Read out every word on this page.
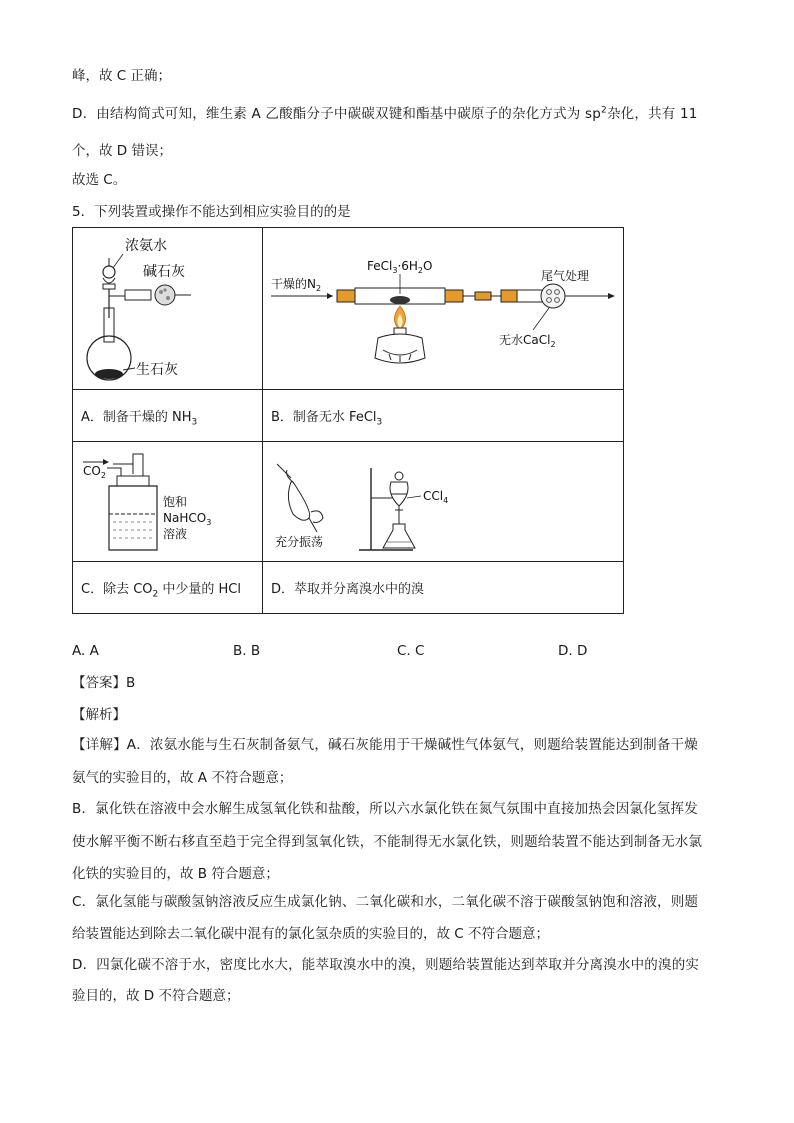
峰，故 C 正确；
D．由结构简式可知，维生素 A 乙酸酯分子中碳碳双键和酯基中碳原子的杂化方式为 $sp^2$杂化，共有 11
个，故 D 错误；
故选 C。
5．下列装置或操作不能达到相应实验目的的是
浓氨水
碱石灰
生石灰	干燥的$N_2$
尾气处理
无水CaCl$_2$
$FeCl_3\cdot 6H_2O$

A．制备干燥的 $NH_3$	B．制备无水 FeCl$_3$

$CO_2$
饱和
NaHCO$_3$
溶液	充分振荡
CCl$_4$

C．除去 $CO_2$ 中少量的 HCl	D．萃取并分离溴水中的溴
A. A	B. B	C. C	D. D
【答案】B
【解析】
【详解】A．浓氨水能与生石灰制备氨气，碱石灰能用于干燥碱性气体氨气，则题给装置能达到制备干燥
氨气的实验目的，故 A 不符合题意；
B．氯化铁在溶液中会水解生成氢氧化铁和盐酸，所以六水氯化铁在氮气氛围中直接加热会因氯化氢挥发
使水解平衡不断右移直至趋于完全得到氢氧化铁，不能制得无水氯化铁，则题给装置不能达到制备无水氯
化铁的实验目的，故 B 符合题意；
C．氯化氢能与碳酸氢钠溶液反应生成氯化钠、二氧化碳和水，二氧化碳不溶于碳酸氢钠饱和溶液，则题
给装置能达到除去二氧化碳中混有的氯化氢杂质的实验目的，故 C 不符合题意；
D．四氯化碳不溶于水，密度比水大，能萃取溴水中的溴，则题给装置能达到萃取并分离溴水中的溴的实
验目的，故 D 不符合题意；
